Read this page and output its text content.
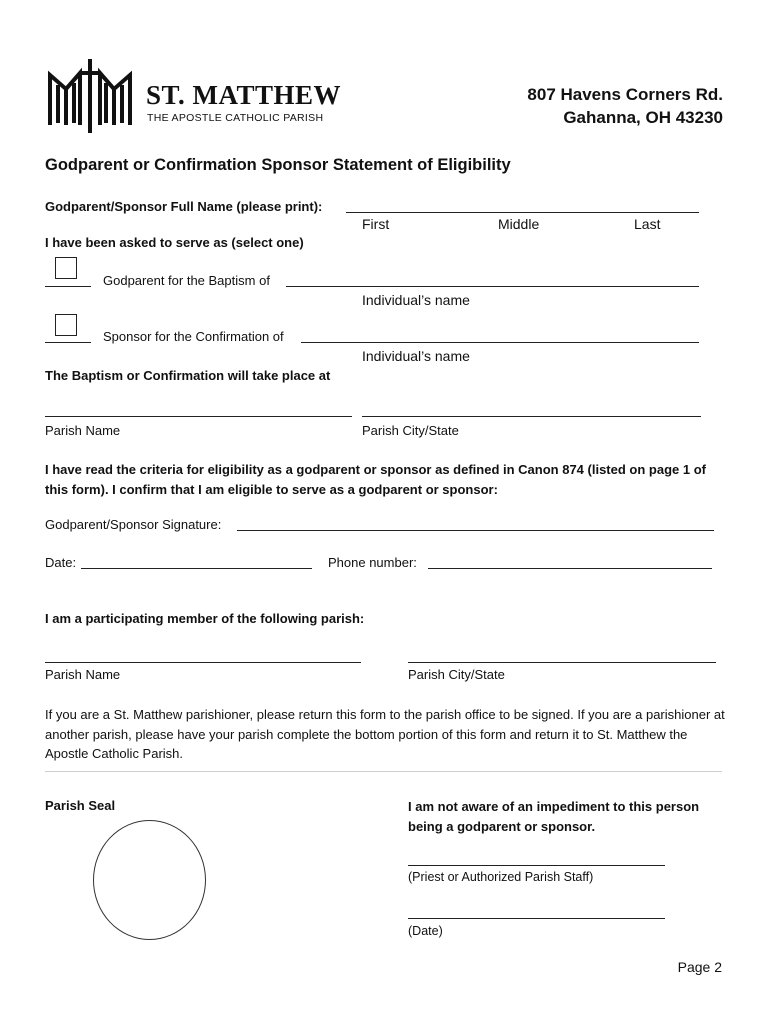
ST. MATTHEW
THE APOSTLE CATHOLIC PARISH
807 Havens Corners Rd.
Gahanna, OH 43230
Godparent or Confirmation Sponsor Statement of Eligibility
Godparent/Sponsor Full Name (please print):
First	Middle	Last
I have been asked to serve as (select one)
Godparent for the Baptism of
Individual’s name
Sponsor for the Confirmation of
Individual’s name
The Baptism or Confirmation will take place at
Parish Name	Parish City/State
I have read the criteria for eligibility as a godparent or sponsor as defined in Canon 874 (listed on page 1 of this form). I confirm that I am eligible to serve as a godparent or sponsor:
Godparent/Sponsor Signature:
Date:	Phone number:
I am a participating member of the following parish:
Parish Name	Parish City/State
If you are a St. Matthew parishioner, please return this form to the parish office to be signed. If you are a parishioner at another parish, please have your parish complete the bottom portion of this form and return it to St. Matthew the Apostle Catholic Parish.
Parish Seal	I am not aware of an impediment to this person being a godparent or sponsor.
(Priest or Authorized Parish Staff)
(Date)
Page 2
